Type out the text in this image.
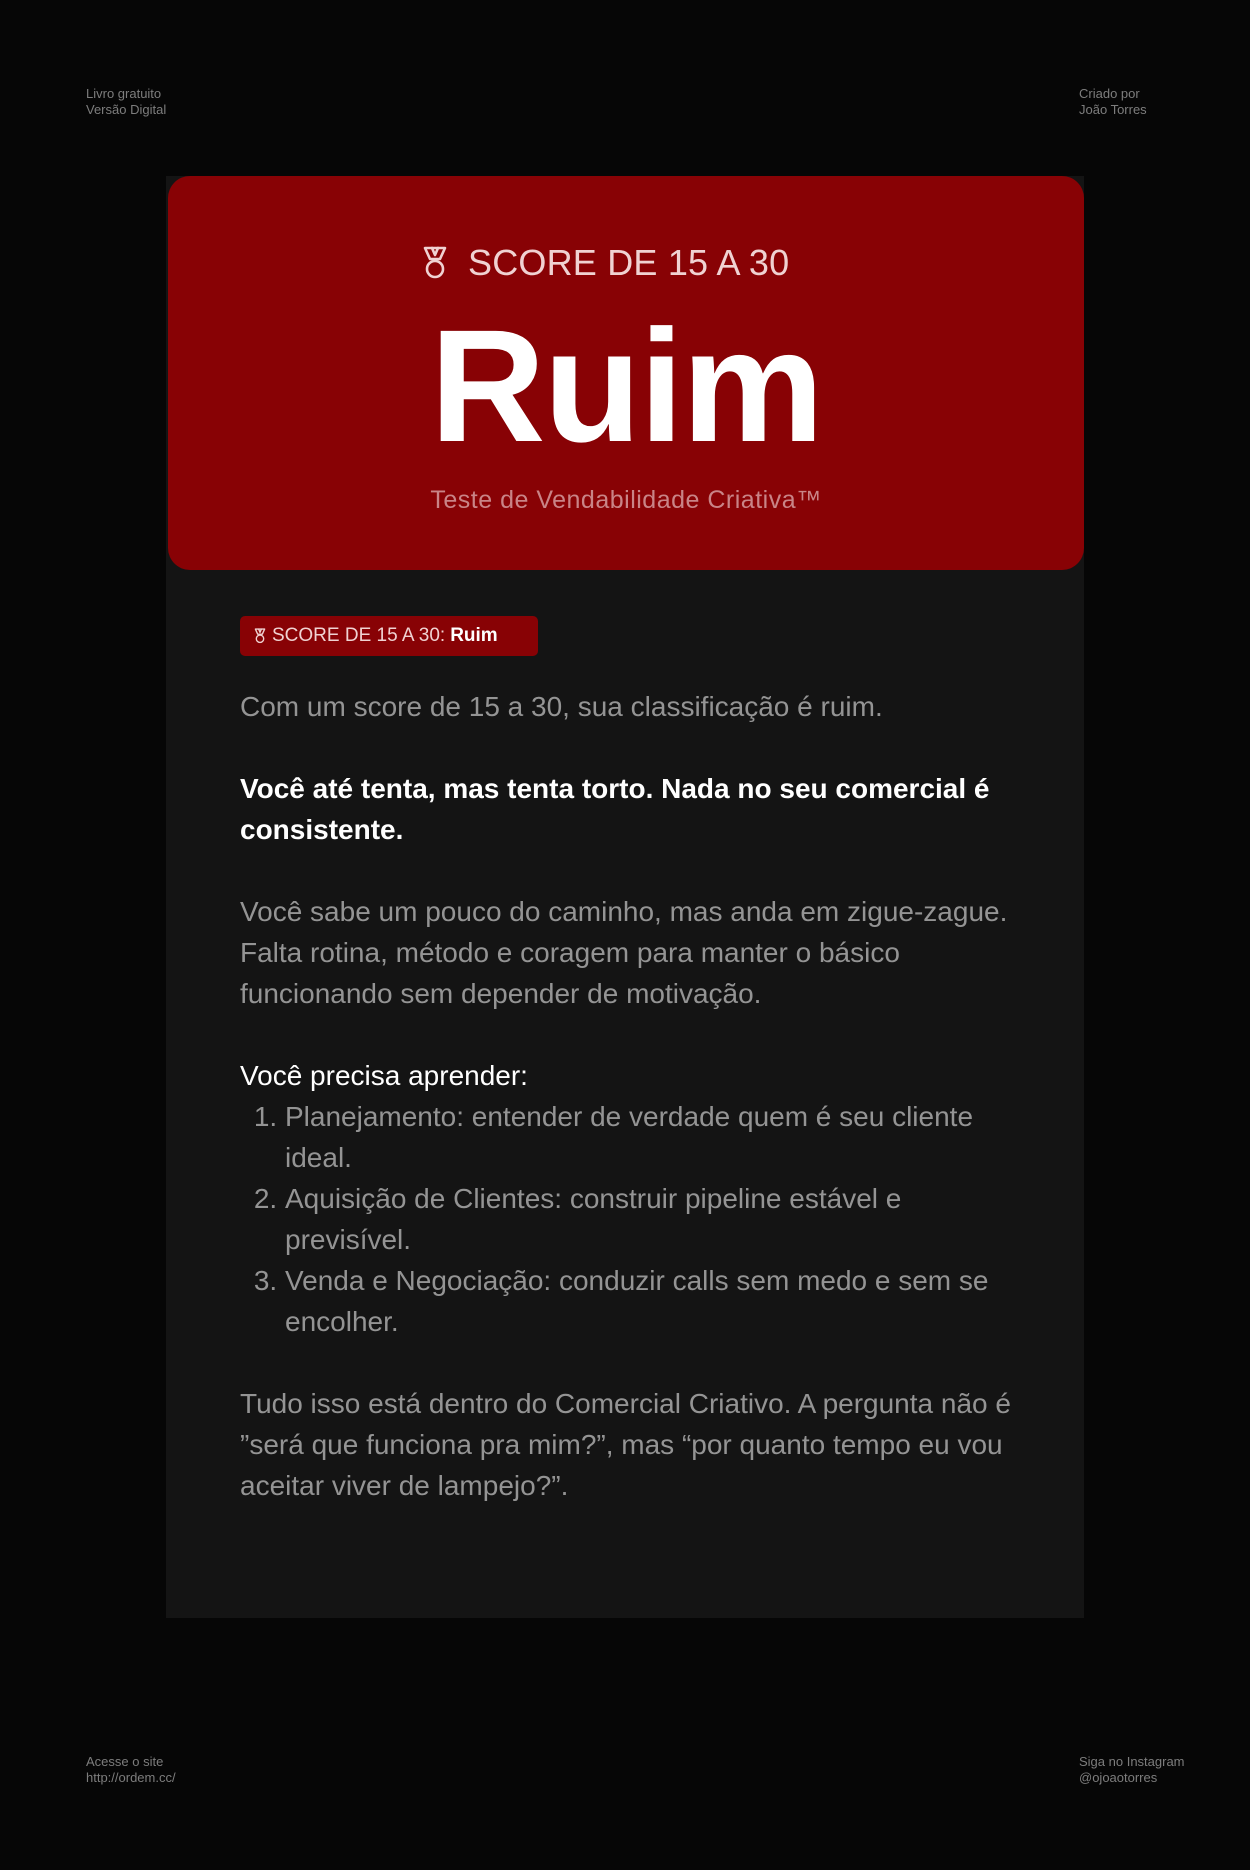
Livro gratuito
Versão Digital
Criado por
João Torres
Acesse o site
http://ordem.cc/
Siga no Instagram
@ojoaotorres
SCORE DE 15 A 30
Ruim
Teste de Vendabilidade Criativa™
SCORE DE 15 A 30: Ruim

Com um score de 15 a 30, sua classificação é ruim.

Você até tenta, mas tenta torto. Nada no seu comercial é consistente.

Você sabe um pouco do caminho, mas anda em zigue-zague. Falta rotina, método e coragem para manter o básico funcionando sem depender de motivação.

Você precisa aprender:

1. Planejamento: entender de verdade quem é seu cliente ideal.
2. Aquisição de Clientes: construir pipeline estável e previsível.
3. Venda e Negociação: conduzir calls sem medo e sem se encolher.

Tudo isso está dentro do Comercial Criativo. A pergunta não é ”será que funciona pra mim?”, mas “por quanto tempo eu vou aceitar viver de lampejo?”.
